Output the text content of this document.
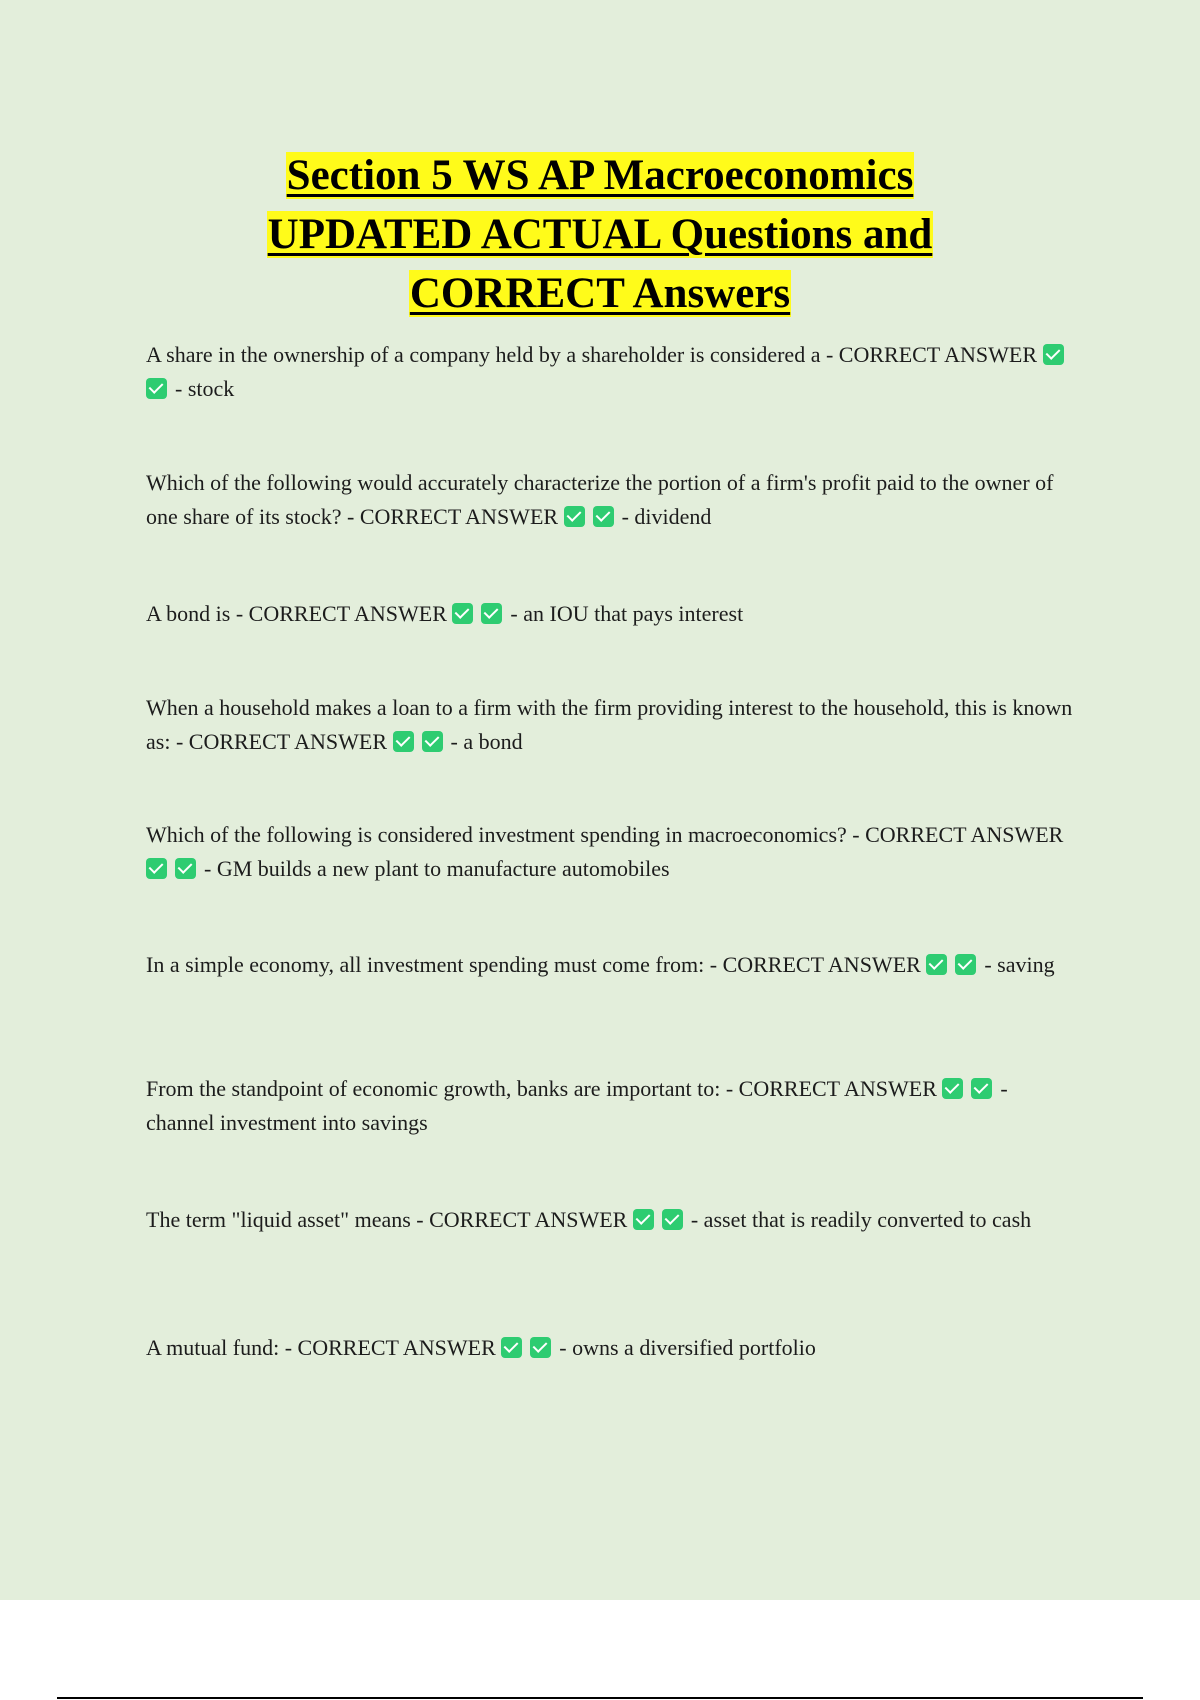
Section 5 WS AP Macroeconomics
UPDATED ACTUAL Questions and
CORRECT Answers
A share in the ownership of a company held by a shareholder is considered a - CORRECT ANSWER - stock
Which of the following would accurately characterize the portion of a firm's profit paid to the owner of one share of its stock? - CORRECT ANSWER	- dividend
A bond is - CORRECT ANSWER	- an IOU that pays interest
When a household makes a loan to a firm with the firm providing interest to the household, this is known as: - CORRECT ANSWER	- a bond
Which of the following is considered investment spending in macroeconomics? - CORRECT ANSWER - GM builds a new plant to manufacture automobiles
In a simple economy, all investment spending must come from: - CORRECT ANSWER	- saving
From the standpoint of economic growth, banks are important to: - CORRECT ANSWER	- channel investment into savings
The term "liquid asset" means - CORRECT ANSWER	- asset that is readily converted to cash
A mutual fund: - CORRECT ANSWER	- owns a diversified portfolio
